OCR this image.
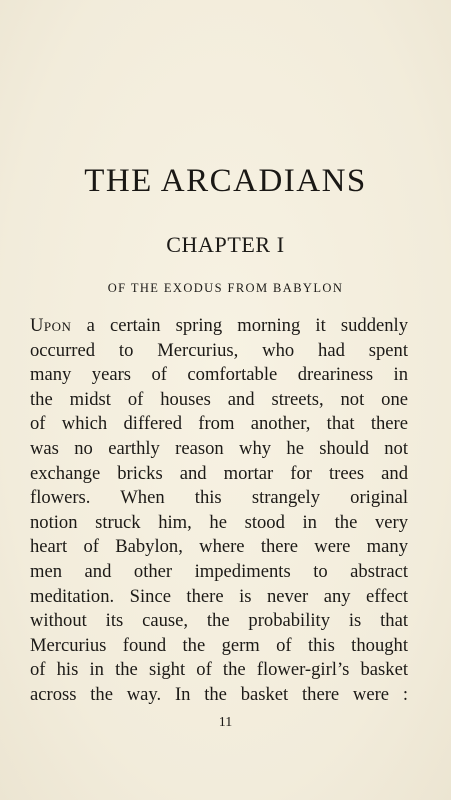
THE ARCADIANS
CHAPTER I
OF THE EXODUS FROM BABYLON
Upon a certain spring morning it suddenly
occurred to Mercurius, who had spent
many years of comfortable dreariness in
the midst of houses and streets, not one
of which differed from another, that there
was no earthly reason why he should not
exchange bricks and mortar for trees and
flowers. When this strangely original
notion struck him, he stood in the very
heart of Babylon, where there were many
men and other impediments to abstract
meditation. Since there is never any effect
without its cause, the probability is that
Mercurius found the germ of this thought
of his in the sight of the flower-girl’s basket
across the way. In the basket there were :
11
